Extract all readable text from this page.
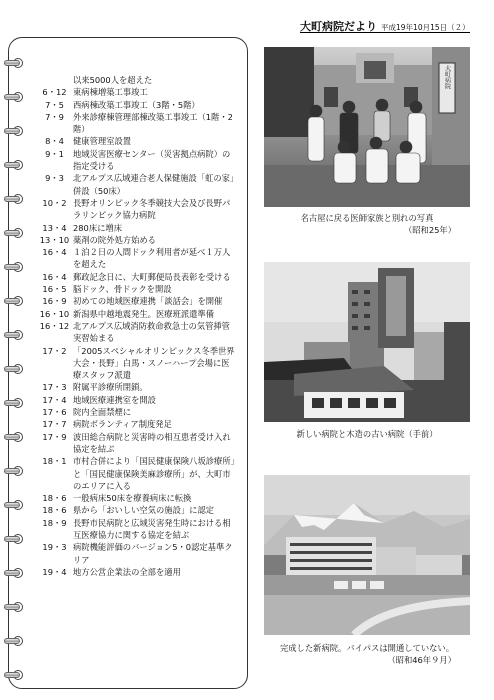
大町病院だより 平成19年10月15日（２）
以来5000人を超えた
6・12 東病棟増築工事竣工
7・5	西病棟改築工事竣工（3階・5階）
7・9	外来診療棟管理部棟改築工事竣工（1階・2階）
8・4	健康管理室設置
9・1	地域災害医療センター（災害拠点病院）の指定受ける
9・3	北アルプス広域連合老人保健施設「虹の家」併設（50床）
10・2 長野オリンピック冬季競技大会及び長野パラリンピック協力病院
13・4 280床に増床
13・10 薬剤の院外処方始める
16・4 １泊２日の人間ドック利用者が延べ１万人を超えた
16・4 郵政記念日に、大町郵便局長表彰を受ける
16・5 脳ドック、骨ドックを開設
16・9 初めての地域医療連携「談話会」を開催
16・10 新潟県中越地震発生。医療班派遣準備
16・12 北アルプス広域消防救命救急士の気管挿管実習始まる
17・2 「2005スペシャルオリンピックス冬季世界大会・長野」白馬・スノーハープ会場に医療スタッフ派遣
17・3 附属平診療所閉鎖。
17・4 地域医療連携室を開設
17・6 院内全面禁煙に
17・7 病院ボランティア制度発足
17・9 波田総合病院と災害時の相互患者受け入れ協定を結ぶ
18・1 市村合併により「国民健康保険八坂診療所」と「国民健康保険美麻診療所」が、大町市のエリアに入る
18・6 一般病床50床を療養病床に転換
18・6 県から「おいしい空気の施設」に認定
18・9 長野市民病院と広域災害発生時における相互医療協力に関する協定を結ぶ
19・3 病院機能評価のバージョン5・0認定基準クリア
19・4 地方公営企業法の全部を適用
大町病院
名古屋に戻る医師家族と別れの写真
（昭和25年）
新しい病院と木造の古い病院（手前）
完成した新病院。バイパスは開通していない。
（昭和46年９月）
